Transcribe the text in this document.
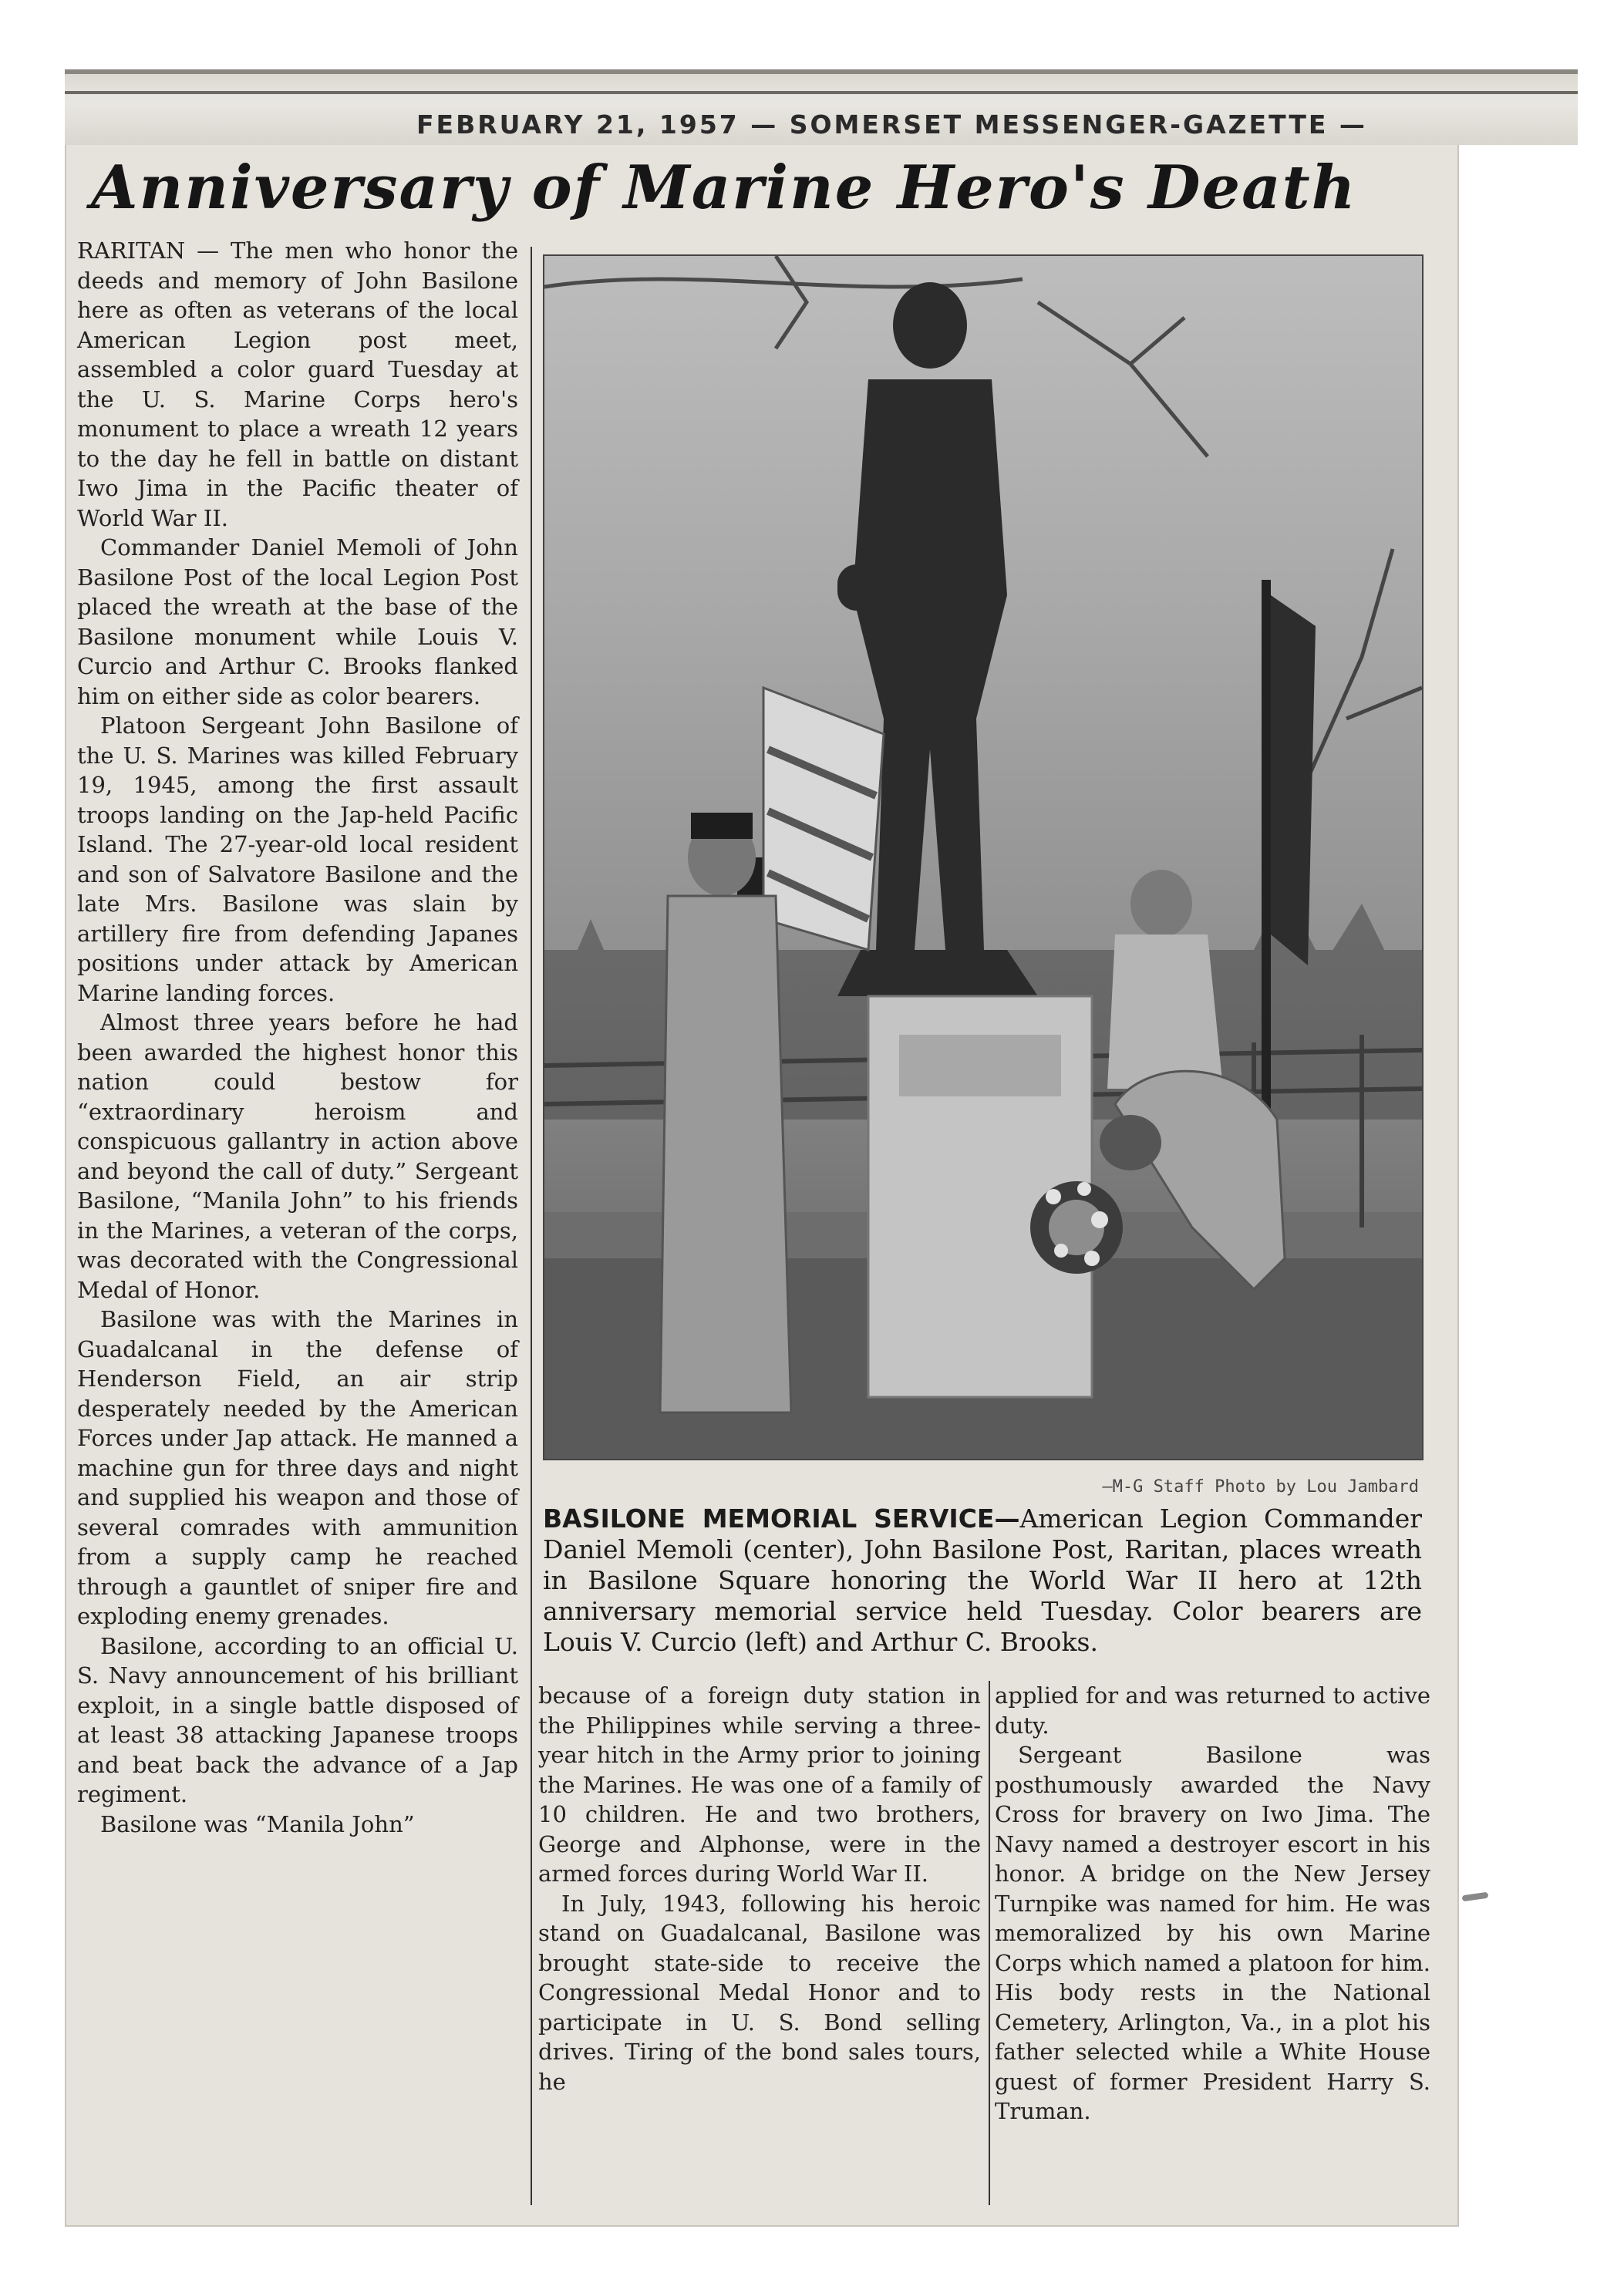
FEBRUARY 21, 1957 — SOMERSET MESSENGER-GAZETTE —
Anniversary of Marine Hero's Death

RARITAN — The men who honor the deeds and memory of John Basilone here as often as veterans of the local American Legion post meet, assembled a color guard Tuesday at the U. S. Marine Corps hero's monument to place a wreath 12 years to the day he fell in battle on distant Iwo Jima in the Pacific theater of World War II.

Commander Daniel Memoli of John Basilone Post of the local Legion Post placed the wreath at the base of the Basilone monument while Louis V. Curcio and Arthur C. Brooks flanked him on either side as color bearers.

Platoon Sergeant John Basilone of the U. S. Marines was killed February 19, 1945, among the first assault troops landing on the Jap-held Pacific Island. The 27-year-old local resident and son of Salvatore Basilone and the late Mrs. Basilone was slain by artillery fire from defending Japanes positions under attack by American Marine landing forces.

Almost three years before he had been awarded the highest honor this nation could bestow for “extraordinary heroism and conspicuous gallantry in action above and beyond the call of duty.” Sergeant Basilone, “Manila John” to his friends in the Marines, a veteran of the corps, was decorated with the Congressional Medal of Honor.

Basilone was with the Marines in Guadalcanal in the defense of Henderson Field, an air strip desperately needed by the American Forces under Jap attack. He manned a machine gun for three days and night and supplied his weapon and those of several comrades with ammunition from a supply camp he reached through a gauntlet of sniper fire and exploding enemy grenades.

Basilone, according to an official U. S. Navy announcement of his brilliant exploit, in a single battle disposed of at least 38 attacking Japanese troops and beat back the advance of a Jap regiment.

Basilone was “Manila John”

—M-G Staff Photo by Lou Jambard
BASILONE MEMORIAL SERVICE—American Legion Commander Daniel Memoli (center), John Basilone Post, Raritan, places wreath in Basilone Square honoring the World War II hero at 12th anniversary memorial service held Tuesday. Color bearers are Louis V. Curcio (left) and Arthur C. Brooks.

because of a foreign duty station in the Philippines while serving a three-year hitch in the Army prior to joining the Marines. He was one of a family of 10 children. He and two brothers, George and Alphonse, were in the armed forces during World War II.

In July, 1943, following his heroic stand on Guadalcanal, Basilone was brought state-side to receive the Congressional Medal Honor and to participate in U. S. Bond selling drives. Tiring of the bond sales tours, he

applied for and was returned to active duty.

Sergeant Basilone was posthumously awarded the Navy Cross for bravery on Iwo Jima. The Navy named a destroyer escort in his honor. A bridge on the New Jersey Turnpike was named for him. He was memoralized by his own Marine Corps which named a platoon for him. His body rests in the National Cemetery, Arlington, Va., in a plot his father selected while a White House guest of former President Harry S. Truman.
